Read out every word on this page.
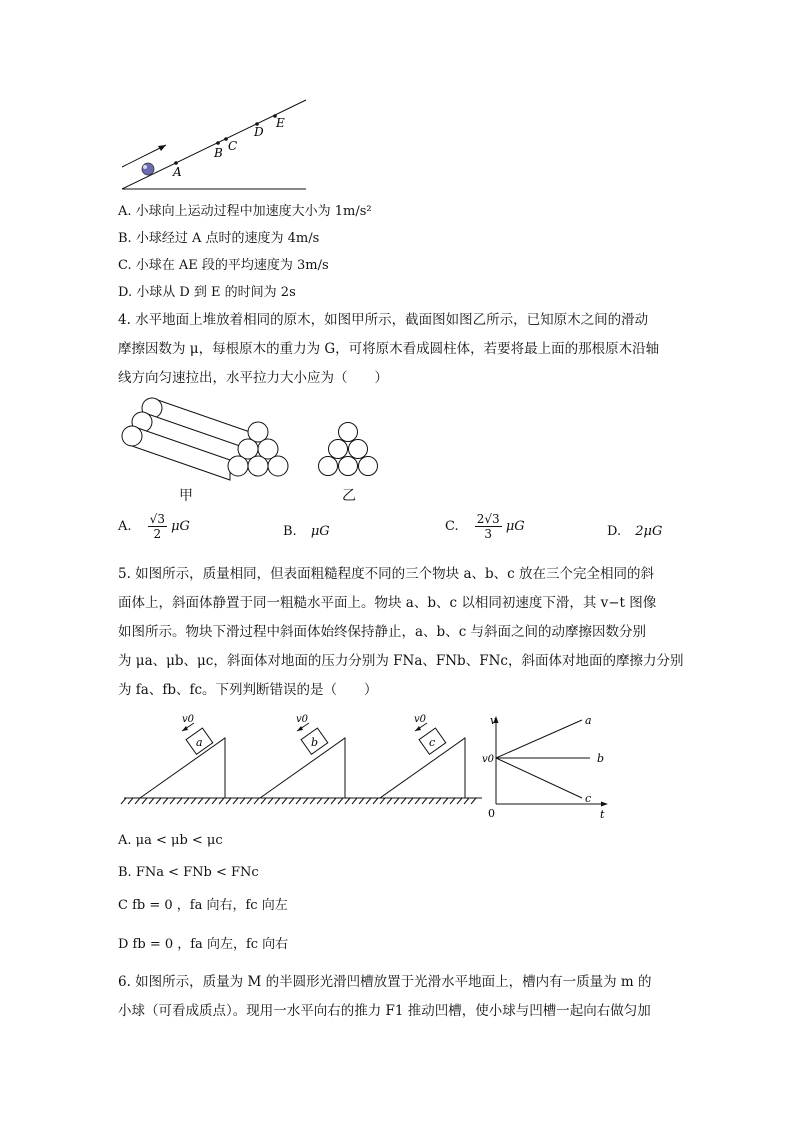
A
B C
D
E
A. 小球向上运动过程中加速度大小为 1m/s²
B. 小球经过 A 点时的速度为 4m/s
C. 小球在 AE 段的平均速度为 3m/s
D. 小球从 D 到 E 的时间为 2s
4. 水平地面上堆放着相同的原木，如图甲所示，截面图如图乙所示，已知原木之间的滑动
摩擦因数为 μ，每根原木的重力为 G，可将原木看成圆柱体，若要将最上面的那根原木沿轴
线方向匀速拉出，水平拉力大小应为（　　）
甲	乙
A. $\frac{√3}{2}$ μG	B. μG	C. $\frac{2√3}{3}$ μG	D. 2μG
5. 如图所示，质量相同，但表面粗糙程度不同的三个物块 a、b、c 放在三个完全相同的斜
面体上，斜面体静置于同一粗糙水平面上。物块 a、b、c 以相同初速度下滑，其 v−t 图像
如图所示。物块下滑过程中斜面体始终保持静止，a、b、c 与斜面之间的动摩擦因数分别
为 μa、μb、μc，斜面体对地面的压力分别为 FNa、FNb、FNc，斜面体对地面的摩擦力分别
为 fa、fb、fc。下列判断错误的是（　　）
a	b	c
v0	v0	v0	v
t
0
v0
a
b
c
A. μa < μb < μc
B. FNa < FNb < FNc
C fb = 0 ，fa 向右，fc 向左
D fb = 0 ，fa 向左，fc 向右
6. 如图所示，质量为 M 的半圆形光滑凹槽放置于光滑水平地面上，槽内有一质量为 m 的
小球（可看成质点）。现用一水平向右的推力 F1 推动凹槽，使小球与凹槽一起向右做匀加
